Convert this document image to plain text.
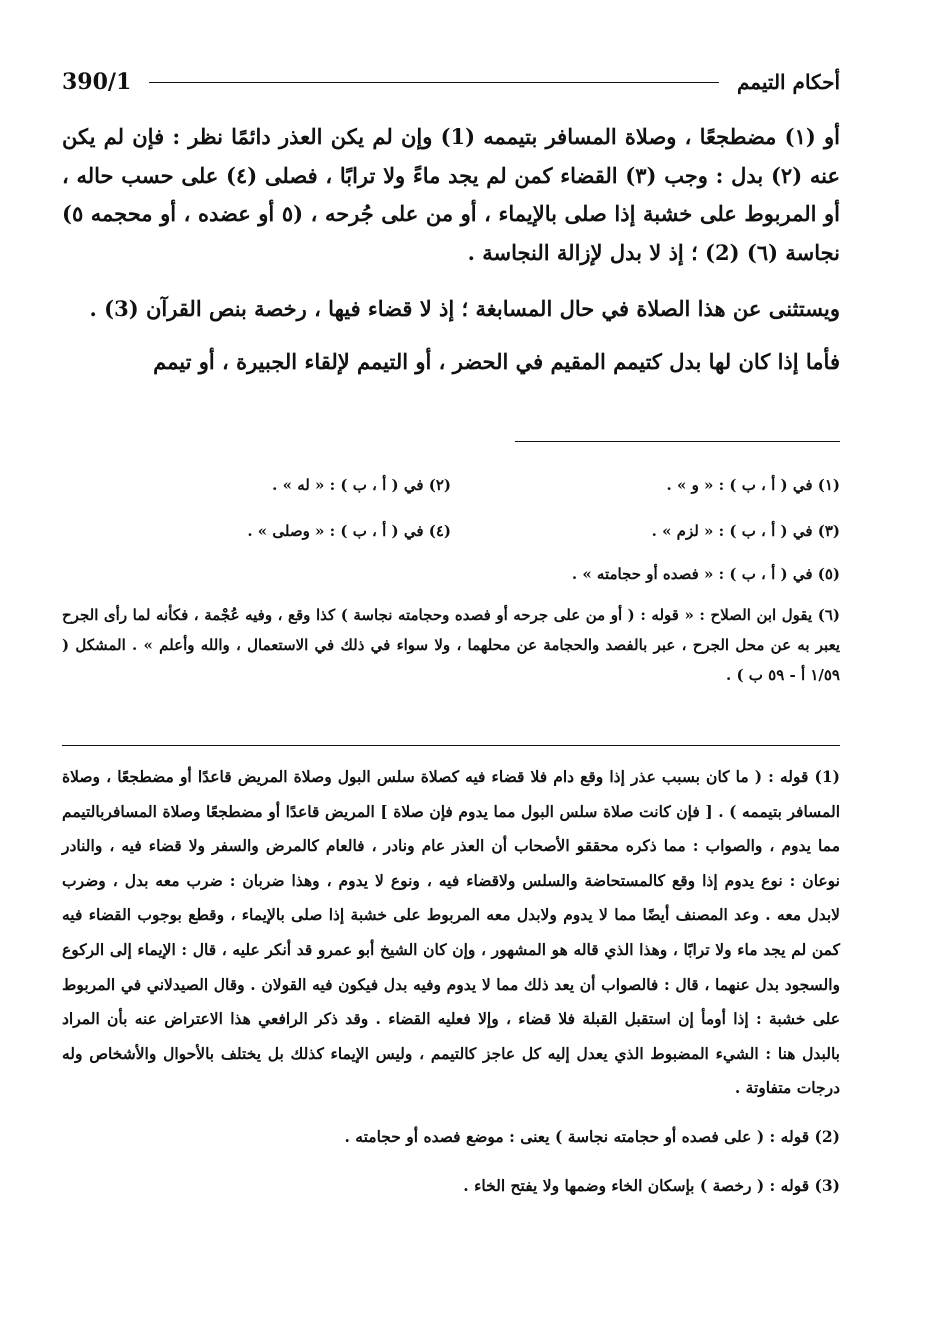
390/1	أحكام التيمم

أو (١) مضطجعًا ، وصلاة المسافر بتيممه (1) وإن لم يكن العذر دائمًا نظر : فإن لم يكن عنه (٢) بدل : وجب (٣) القضاء كمن لم يجد ماءً ولا ترابًا ، فصلى (٤) على حسب حاله ، أو المربوط على خشبة إذا صلى بالإيماء ، أو من على جُرحه ، (٥ أو عضده ، أو محجمه ٥) نجاسة (٦) (2) ؛ إذ لا بدل لإزالة النجاسة .

ويستثنى عن هذا الصلاة في حال المسابغة ؛ إذ لا قضاء فيها ، رخصة بنص القرآن (3) .

فأما إذا كان لها بدل كتيمم المقيم في الحضر ، أو التيمم لإلقاء الجبيرة ، أو تيمم

(١) في ( أ ، ب ) : « و » .
(٢) في ( أ ، ب ) : « له » .
(٣) في ( أ ، ب ) : « لزم » .
(٤) في ( أ ، ب ) : « وصلى » .
(٥) في ( أ ، ب ) : « فصده أو حجامته » .
(٦) يقول ابن الصلاح : « قوله : ( أو من على جرحه أو فصده وحجامته نجاسة ) كذا وقع ، وفيه عُجْمة ، فكأنه لما رأى الجرح يعبر به عن محل الجرح ، عبر بالفصد والحجامة عن محلهما ، ولا سواء في ذلك في الاستعمال ، والله وأعلم » . المشكل ( ١/٥٩ أ - ٥٩ ب ) .

(1) قوله : ( ما كان بسبب عذر إذا وقع دام فلا قضاء فيه كصلاة سلس البول وصلاة المريض قاعدًا أو مضطجعًا ، وصلاة المسافر بتيممه ) . [ فإن كانت صلاة سلس البول مما يدوم فإن صلاة ] المريض قاعدًا أو مضطجعًا وصلاة المسافربالتيمم مما يدوم ، والصواب : مما ذكره محققو الأصحاب أن العذر عام ونادر ، فالعام كالمرض والسفر ولا قضاء فيه ، والنادر نوعان : نوع يدوم إذا وقع كالمستحاضة والسلس ولاقضاء فيه ، ونوع لا يدوم ، وهذا ضربان : ضرب معه بدل ، وضرب لابدل معه . وعد المصنف أيضًا مما لا يدوم ولابدل معه المربوط على خشبة إذا صلى بالإيماء ، وقطع بوجوب القضاء فيه كمن لم يجد ماء ولا ترابًا ، وهذا الذي قاله هو المشهور ، وإن كان الشيخ أبو عمرو قد أنكر عليه ، قال : الإيماء إلى الركوع والسجود بدل عنهما ، قال : فالصواب أن يعد ذلك مما لا يدوم وفيه بدل فيكون فيه القولان . وقال الصيدلاني في المربوط على خشبة : إذا أومأ إن استقبل القبلة فلا قضاء ، وإلا فعليه القضاء . وقد ذكر الرافعي هذا الاعتراض عنه بأن المراد بالبدل هنا : الشيء المضبوط الذي يعدل إليه كل عاجز كالتيمم ، وليس الإيماء كذلك بل يختلف بالأحوال والأشخاص وله درجات متفاوتة .

(2) قوله : ( على فصده أو حجامته نجاسة ) يعنى : موضع فصده أو حجامته .

(3) قوله : ( رخصة ) بإسكان الخاء وضمها ولا يفتح الخاء .
